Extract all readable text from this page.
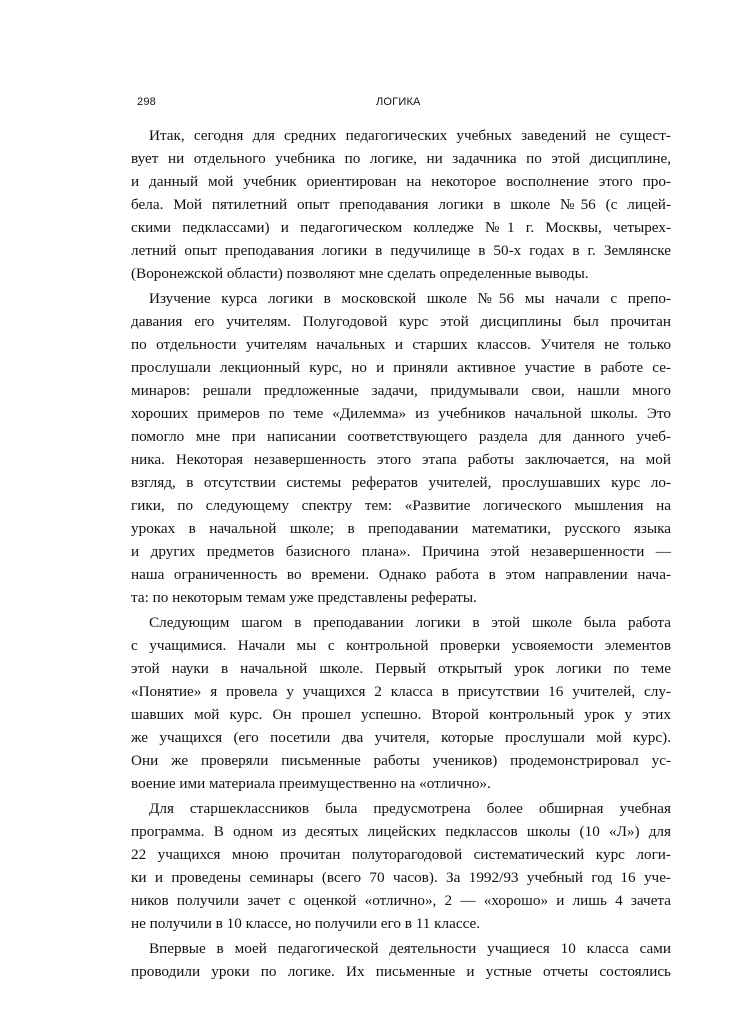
298	ЛОГИКА
Итак, сегодня для средних педагогических учебных заведений не сущест-
вует ни отдельного учебника по логике, ни задачника по этой дисциплине,
и данный мой учебник ориентирован на некоторое восполнение этого про-
бела. Мой пятилетний опыт преподавания логики в школе №56 (с лицей-
скими педклассами) и педагогическом колледже №1 г. Москвы, четырех-
летний опыт преподавания логики в педучилище в 50-х годах в г. Землянске
(Воронежской области) позволяют мне сделать определенные выводы.
Изучение курса логики в московской школе №56 мы начали с препо-
давания его учителям. Полугодовой курс этой дисциплины был прочитан
по отдельности учителям начальных и старших классов. Учителя не только
прослушали лекционный курс, но и приняли активное участие в работе се-
минаров: решали предложенные задачи, придумывали свои, нашли много
хороших примеров по теме «Дилемма» из учебников начальной школы. Это
помогло мне при написании соответствующего раздела для данного учеб-
ника. Некоторая незавершенность этого этапа работы заключается, на мой
взгляд, в отсутствии системы рефератов учителей, прослушавших курс ло-
гики, по следующему спектру тем: «Развитие логического мышления на
уроках в начальной школе; в преподавании математики, русского языка
и других предметов базисного плана». Причина этой незавершенности —
наша ограниченность во времени. Однако работа в этом направлении нача-
та: по некоторым темам уже представлены рефераты.
Следующим шагом в преподавании логики в этой школе была работа
с учащимися. Начали мы с контрольной проверки усвояемости элементов
этой науки в начальной школе. Первый открытый урок логики по теме
«Понятие» я провела у учащихся 2 класса в присутствии 16 учителей, слу-
шавших мой курс. Он прошел успешно. Второй контрольный урок у этих
же учащихся (его посетили два учителя, которые прослушали мой курс).
Они же проверяли письменные работы учеников) продемонстрировал ус-
воение ими материала преимущественно на «отлично».
Для старшеклассников была предусмотрена более обширная учебная
программа. В одном из десятых лицейских педклассов школы (10 «Л») для
22 учащихся мною прочитан полуторагодовой систематический курс логи-
ки и проведены семинары (всего 70 часов). За 1992/93 учебный год 16 уче-
ников получили зачет с оценкой «отлично», 2 — «хорошо» и лишь 4 зачета
не получили в 10 классе, но получили его в 11 классе.
Впервые в моей педагогической деятельности учащиеся 10 класса сами
проводили уроки по логике. Их письменные и устные отчеты состоялись
